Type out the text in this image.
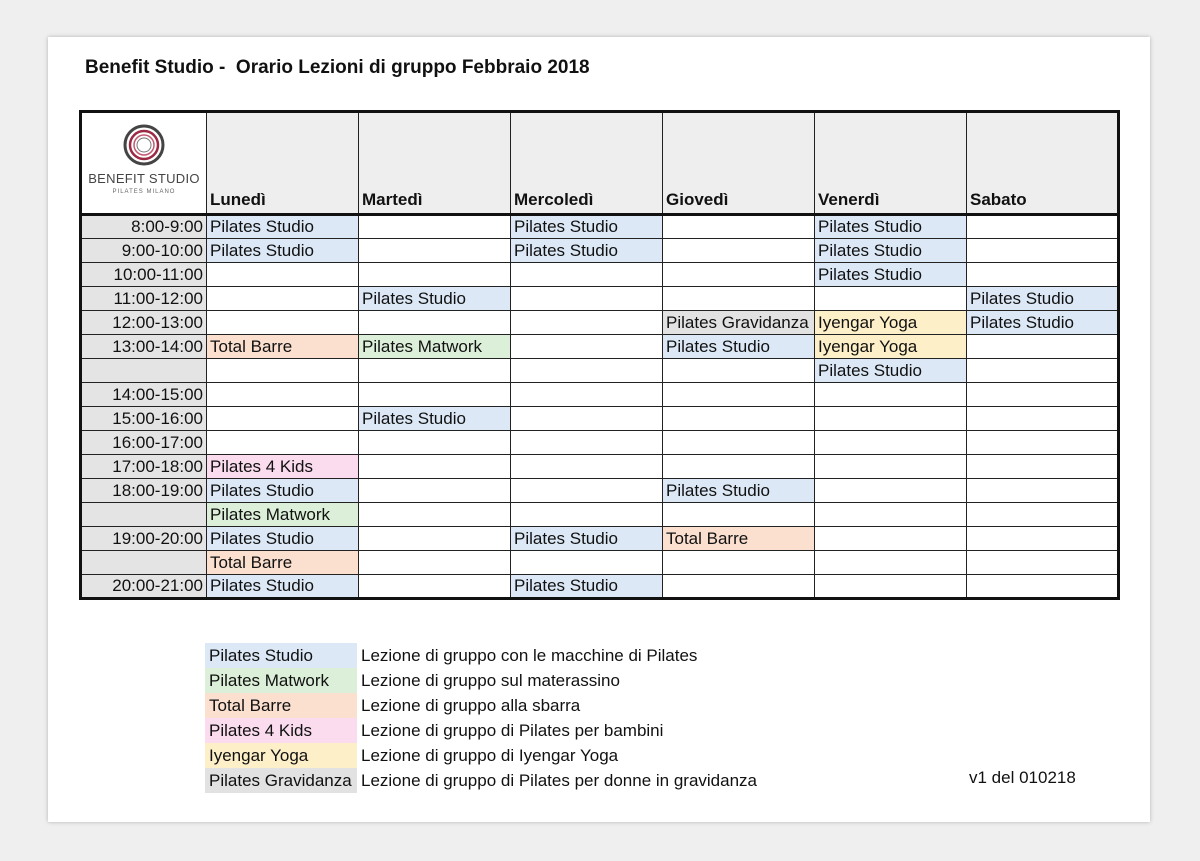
Benefit Studio -  Orario Lezioni di gruppo Febbraio 2018
BENEFIT STUDIO
PILATES MILANO	Lunedì	Martedì	Mercoledì	Giovedì	Venerdì	Sabato
8:00-9:00	Pilates Studio		Pilates Studio		Pilates Studio	
9:00-10:00	Pilates Studio		Pilates Studio		Pilates Studio	
10:00-11:00					Pilates Studio	
11:00-12:00		Pilates Studio				Pilates Studio
12:00-13:00				Pilates Gravidanza	Iyengar Yoga	Pilates Studio
13:00-14:00	Total Barre	Pilates Matwork		Pilates Studio	Iyengar Yoga	
					Pilates Studio	
14:00-15:00						
15:00-16:00		Pilates Studio				
16:00-17:00						
17:00-18:00	Pilates 4 Kids					
18:00-19:00	Pilates Studio			Pilates Studio		
	Pilates Matwork					
19:00-20:00	Pilates Studio		Pilates Studio	Total Barre		
	Total Barre					
20:00-21:00	Pilates Studio		Pilates Studio			
Pilates Studio	Lezione di gruppo con le macchine di Pilates
Pilates Matwork	Lezione di gruppo sul materassino
Total Barre	Lezione di gruppo alla sbarra
Pilates 4 Kids	Lezione di gruppo di Pilates per bambini
Iyengar Yoga	Lezione di gruppo di Iyengar Yoga
Pilates Gravidanza Lezione di gruppo di Pilates per donne in gravidanza	v1 del 010218
